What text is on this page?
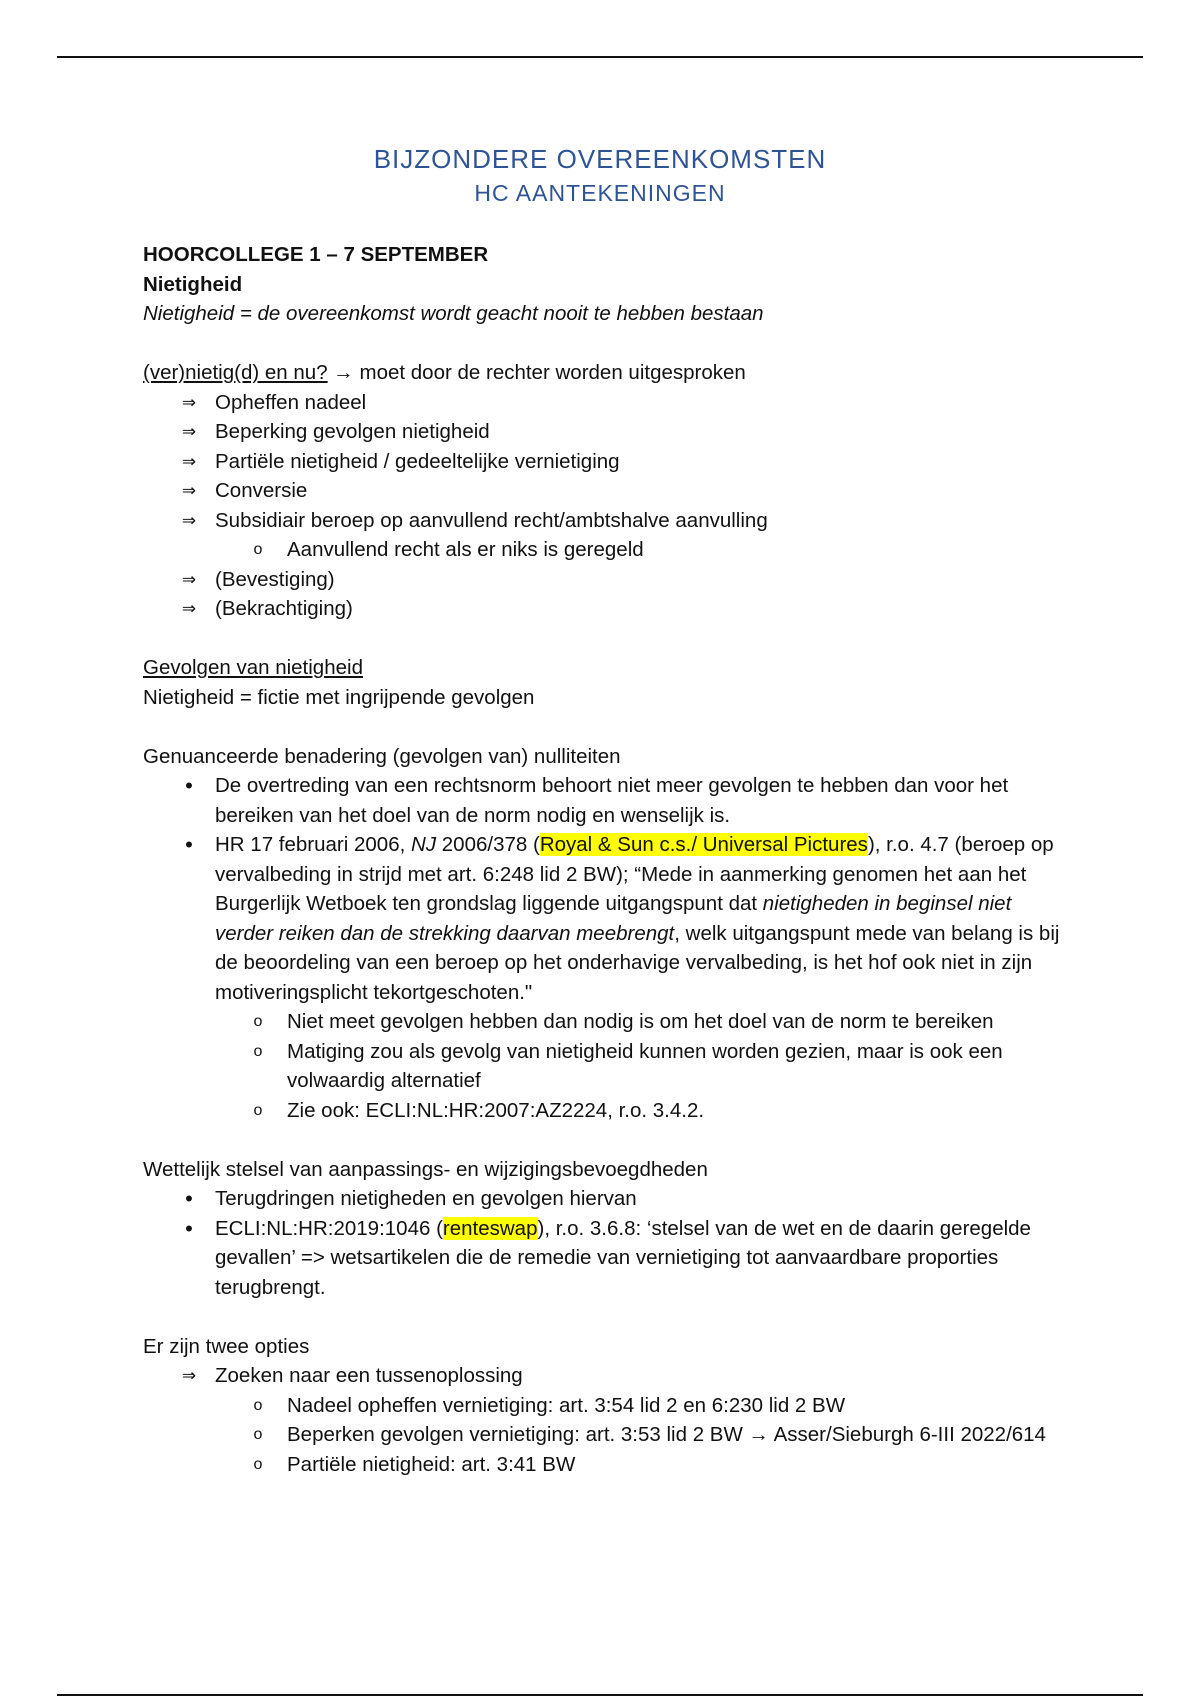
BIJZONDERE OVEREENKOMSTEN
HC AANTEKENINGEN

HOORCOLLEGE 1 – 7 SEPTEMBER

Nietigheid

Nietigheid = de overeenkomst wordt geacht nooit te hebben bestaan

(ver)nietig(d) en nu? → moet door de rechter worden uitgesproken

⇒ Opheffen nadeel
⇒ Beperking gevolgen nietigheid
⇒ Partiële nietigheid / gedeeltelijke vernietiging
⇒ Conversie
⇒ Subsidiair beroep op aanvullend recht/ambtshalve aanvulling
o	Aanvullend recht als er niks is geregeld
⇒ (Bevestiging)
⇒ (Bekrachtiging)

Gevolgen van nietigheid

Nietigheid = fictie met ingrijpende gevolgen

Genuanceerde benadering (gevolgen van) nulliteiten

•	De overtreding van een rechtsnorm behoort niet meer gevolgen te hebben dan voor het bereiken van het doel van de norm nodig en wenselijk is.
•	HR 17 februari 2006, NJ 2006/378 (Royal & Sun c.s./ Universal Pictures), r.o. 4.7 (beroep op vervalbeding in strijd met art. 6:248 lid 2 BW); “Mede in aanmerking genomen het aan het Burgerlijk Wetboek ten grondslag liggende uitgangspunt dat nietigheden in beginsel niet verder reiken dan de strekking daarvan meebrengt, welk uitgangspunt mede van belang is bij de beoordeling van een beroep op het onderhavige vervalbeding, is het hof ook niet in zijn motiveringsplicht tekortgeschoten."
o	Niet meet gevolgen hebben dan nodig is om het doel van de norm te bereiken
o	Matiging zou als gevolg van nietigheid kunnen worden gezien, maar is ook een volwaardig alternatief
o	Zie ook: ECLI:NL:HR:2007:AZ2224, r.o. 3.4.2.

Wettelijk stelsel van aanpassings- en wijzigingsbevoegdheden

•	Terugdringen nietigheden en gevolgen hiervan
•	ECLI:NL:HR:2019:1046 (renteswap), r.o. 3.6.8: ‘stelsel van de wet en de daarin geregelde gevallen’ => wetsartikelen die de remedie van vernietiging tot aanvaardbare proporties terugbrengt.

Er zijn twee opties

⇒ Zoeken naar een tussenoplossing
o	Nadeel opheffen vernietiging: art. 3:54 lid 2 en 6:230 lid 2 BW
o	Beperken gevolgen vernietiging: art. 3:53 lid 2 BW → Asser/Sieburgh 6-III 2022/614
o	Partiële nietigheid: art. 3:41 BW
